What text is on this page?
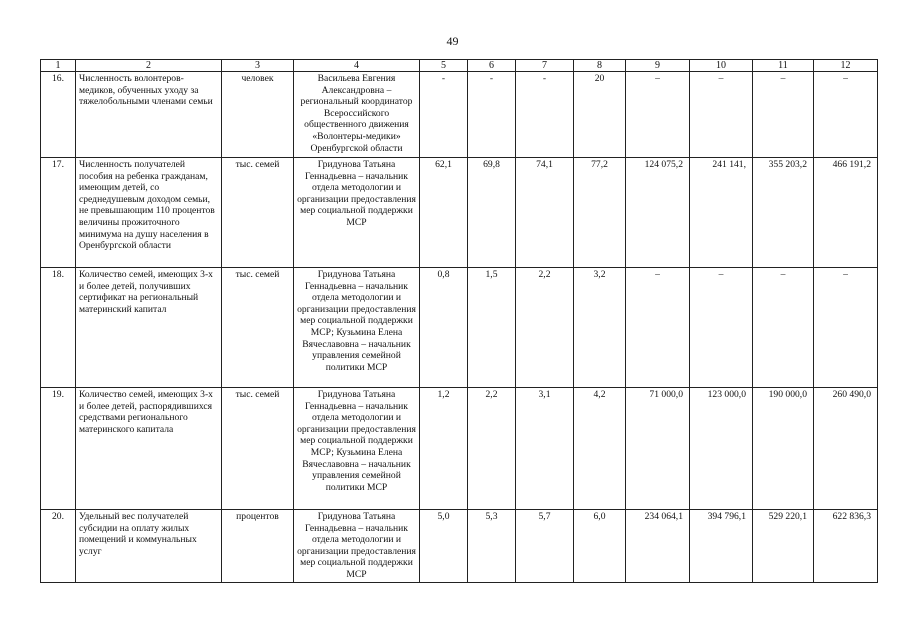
49
1	2	3	4	5	6	7	8	9	10	11	12
16.	Численность волонтеров-медиков, обученных уходу за тяжелобольными членами семьи	человек	Васильева Евгения Александровна – региональный координатор Всероссийского общественного движения «Волонтеры-медики» Оренбургской области	-	-	-	20	–	–	–	–
17.	Численность получателей пособия на ребенка гражданам, имеющим детей, со среднедушевым доходом семьи, не превышающим 110 процентов величины прожиточного минимума на душу населения в Оренбургской области	тыс. семей	Гридунова Татьяна Геннадьевна – начальник отдела методологии и организации предоставления мер социальной поддержки МСР	62,1	69,8	74,1	77,2	124 075,2	241 141,	355 203,2	466 191,2
18.	Количество семей, имеющих 3-х и более детей, получивших сертификат на региональный материнский капитал	тыс. семей	Гридунова Татьяна Геннадьевна – начальник отдела методологии и организации предоставления мер социальной поддержки МСР; Кузьмина Елена Вячеславовна – начальник управления семейной политики МСР	0,8	1,5	2,2	3,2	–	–	–	–
19.	Количество семей, имеющих 3-х и более детей, распорядившихся средствами регионального материнского капитала	тыс. семей	Гридунова Татьяна Геннадьевна – начальник отдела методологии и организации предоставления мер социальной поддержки МСР; Кузьмина Елена Вячеславовна – начальник управления семейной политики МСР	1,2	2,2	3,1	4,2	71 000,0	123 000,0	190 000,0	260 490,0
20.	Удельный вес получателей субсидии на оплату жилых помещений и коммунальных услуг	процентов	Гридунова Татьяна Геннадьевна – начальник отдела методологии и организации предоставления мер социальной поддержки МСР	5,0	5,3	5,7	6,0	234 064,1	394 796,1	529 220,1	622 836,3
